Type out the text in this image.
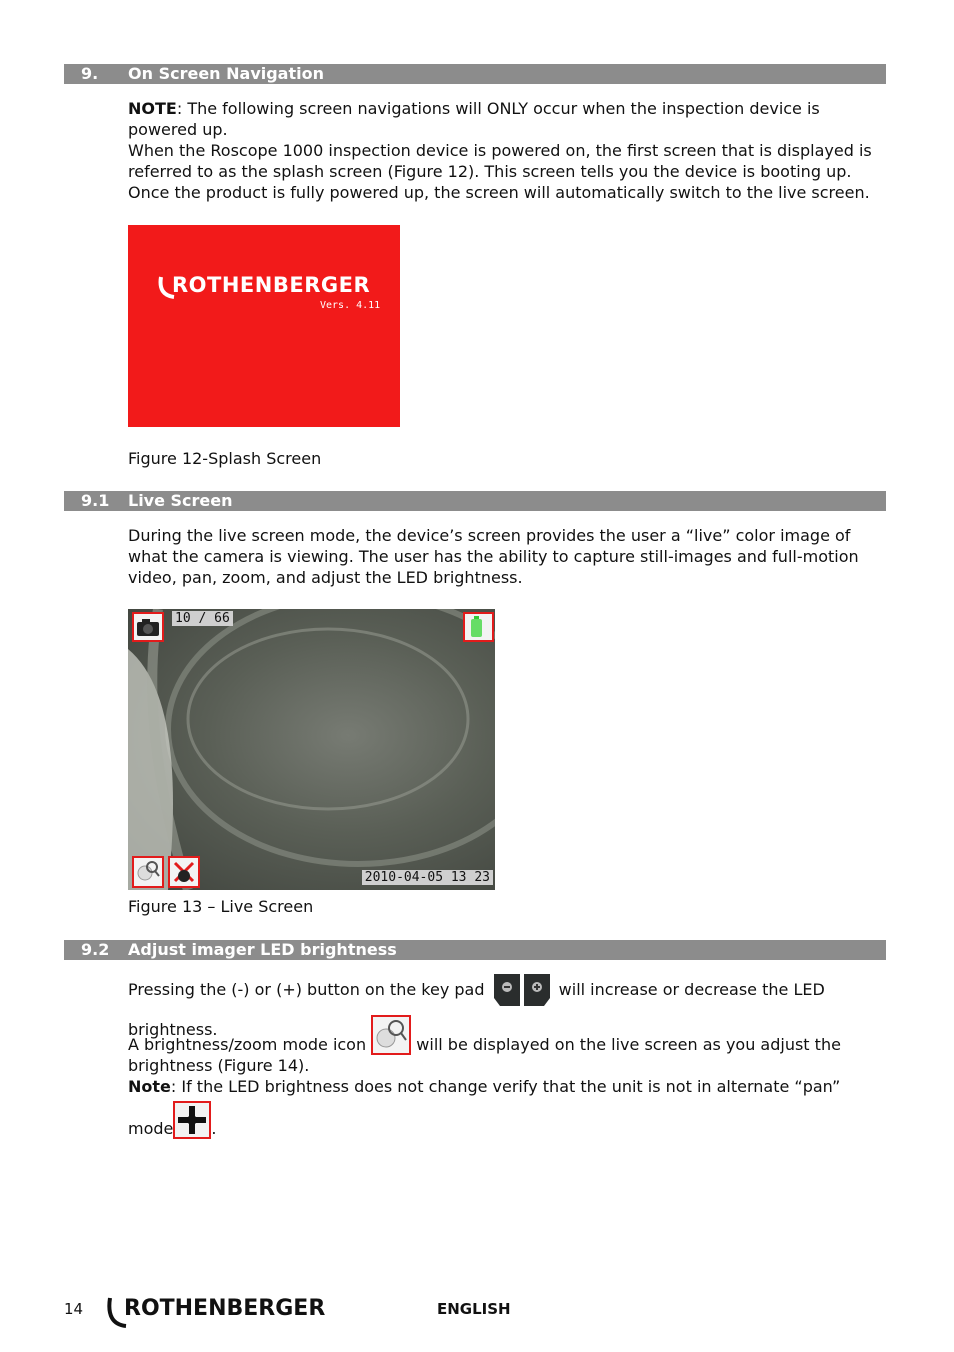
9. On Screen Navigation
NOTE: The following screen navigations will ONLY occur when the inspection device is powered up.
When the Roscope 1000 inspection device is powered on, the first screen that is displayed is referred to as the splash screen (Figure 12). This screen tells you the device is booting up. Once the product is fully powered up, the screen will automatically switch to the live screen.
ROTHENBERGER
Vers. 4.11
Figure 12-Splash Screen
9.1 Live Screen
During the live screen mode, the device’s screen provides the user a “live” color image of what the camera is viewing. The user has the ability to capture still-images and full-motion video, pan, zoom, and adjust the LED brightness.
10 / 66
2010-04-05 13 23
Figure 13 – Live Screen
9.2 Adjust imager LED brightness
Pressing the (-) or (+) button on the key pad	will increase or decrease the LED brightness.
A brightness/zoom mode icon	will be displayed on the live screen as you adjust the brightness (Figure 14).
Note: If the LED brightness does not change verify that the unit is not in alternate “pan”
mode .
14 ROTHENBERGER	ENGLISH
